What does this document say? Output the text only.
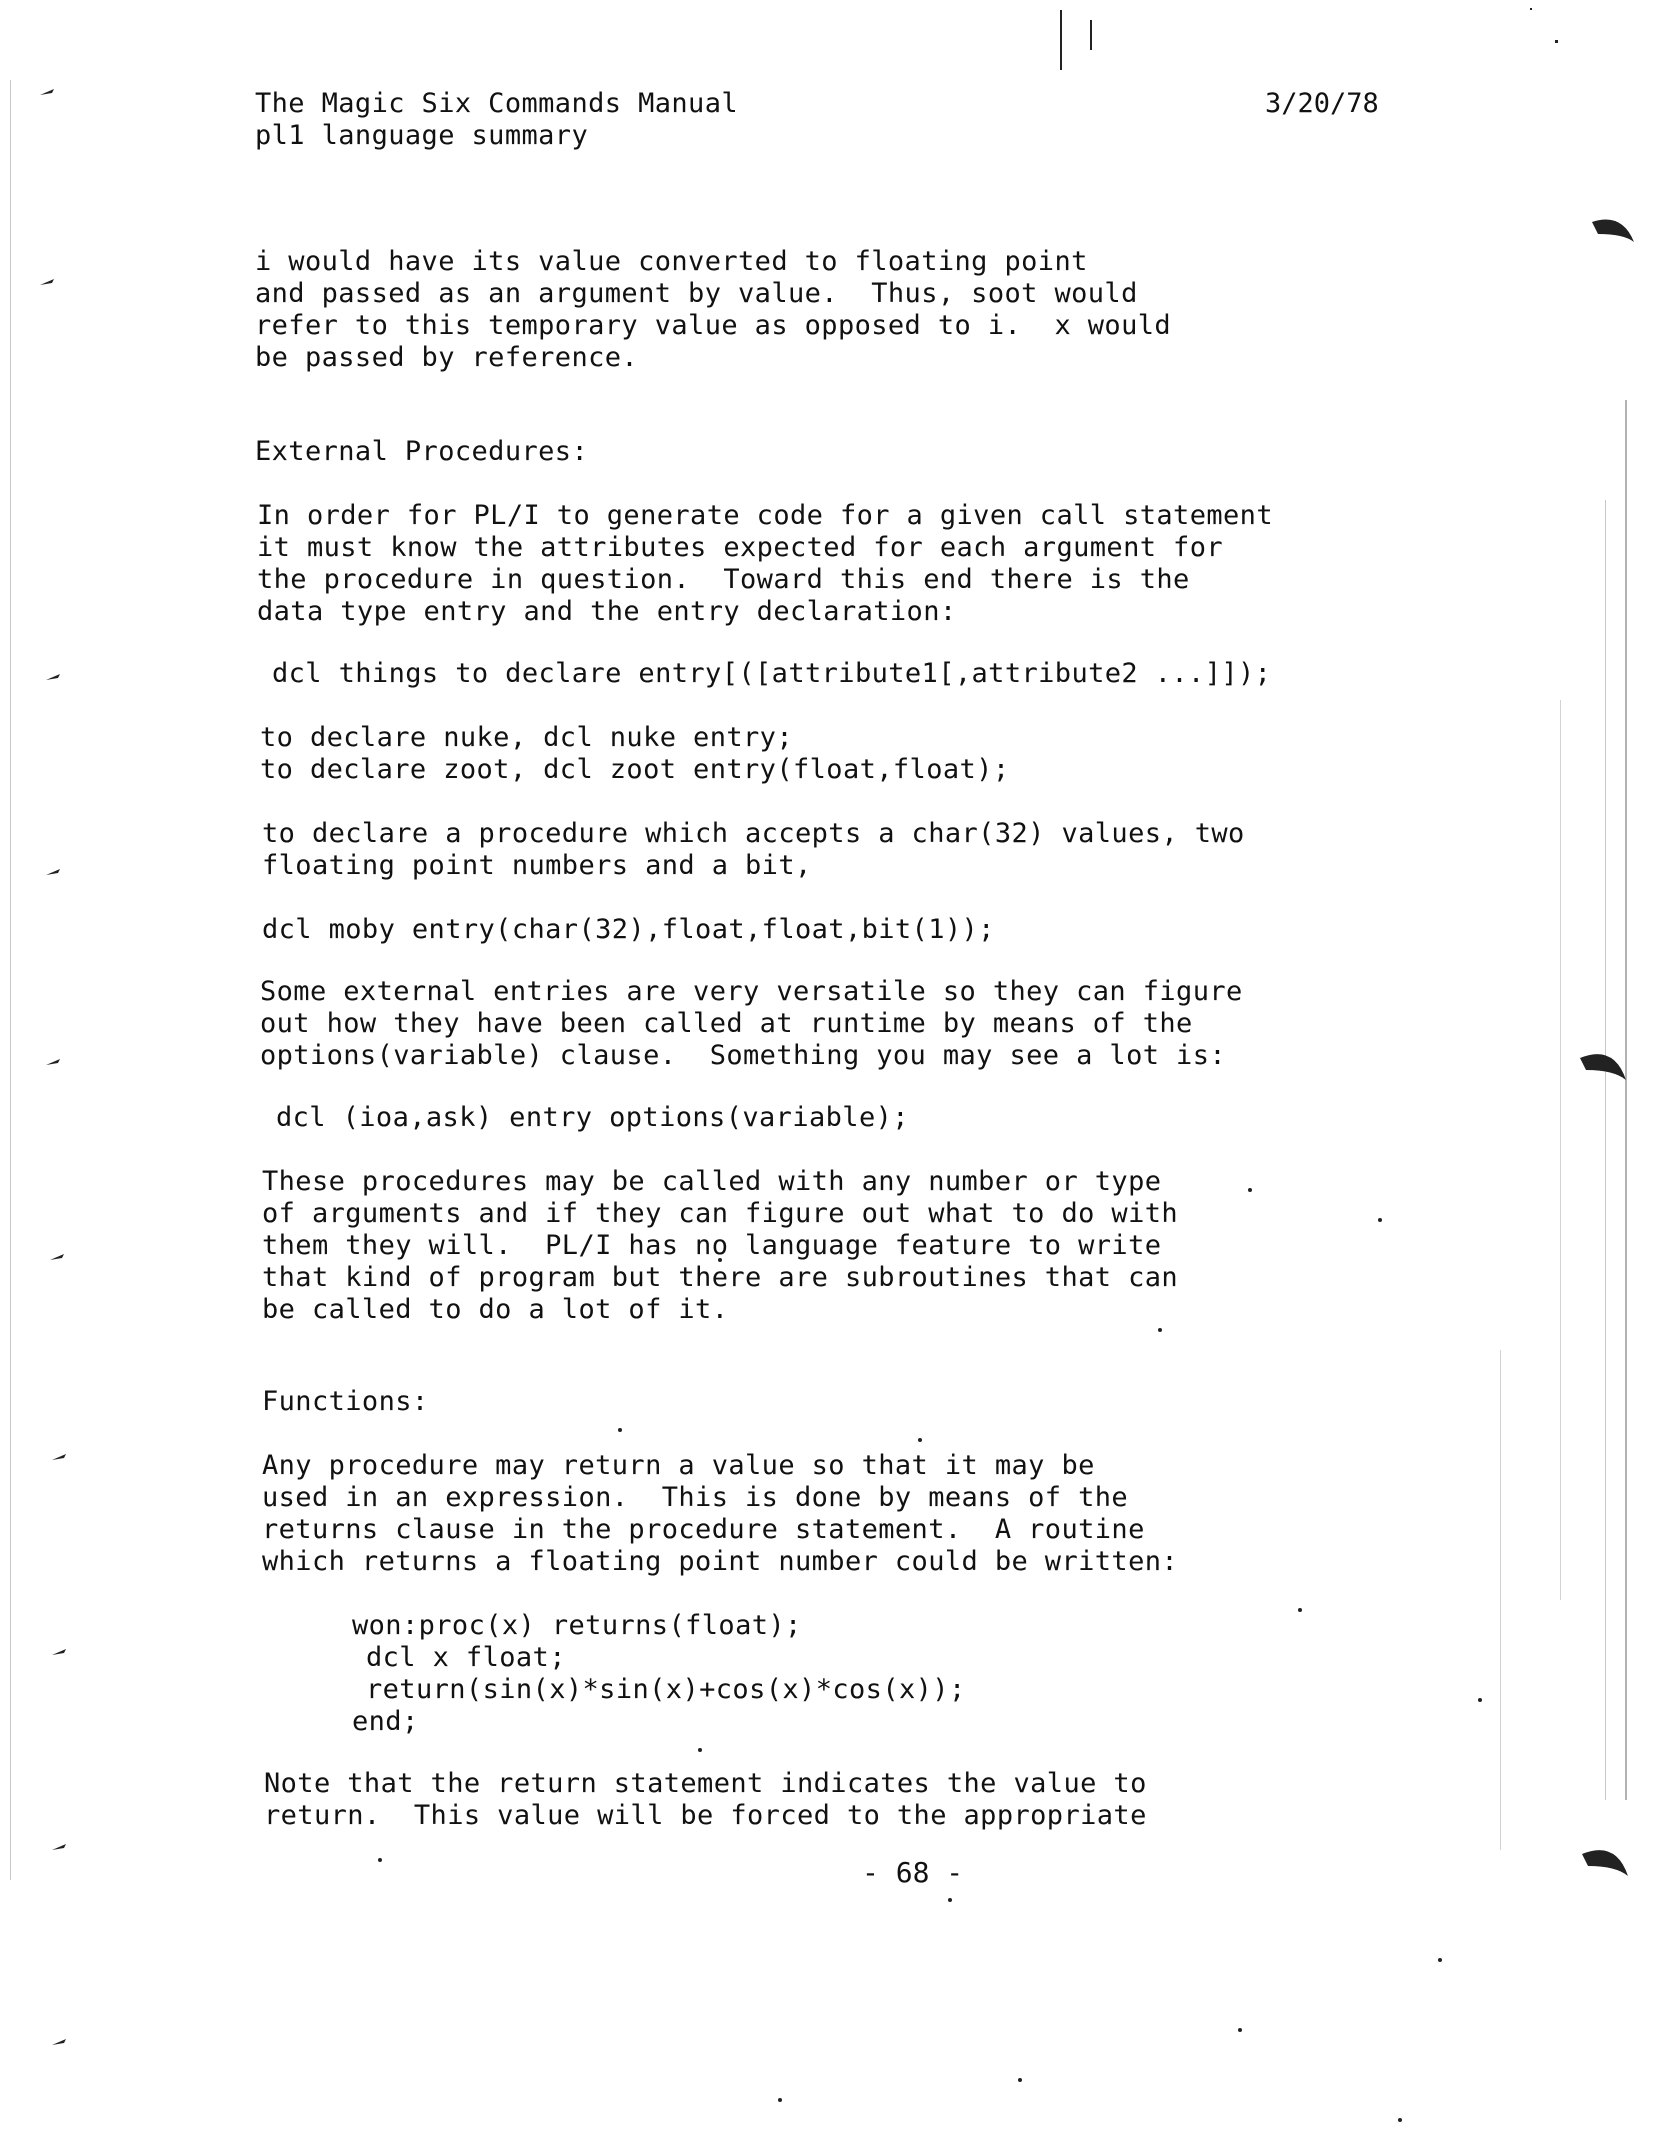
The Magic Six Commands Manual
pl1 language summary
3/20/78
i would have its value converted to floating point
and passed as an argument by value.  Thus, soot would
refer to this temporary value as opposed to i.  x would
be passed by reference.
External Procedures:
In order for PL/I to generate code for a given call statement
it must know the attributes expected for each argument for
the procedure in question.  Toward this end there is the
data type entry and the entry declaration:
dcl things to declare entry[([attribute1[,attribute2 ...]]);
to declare nuke, dcl nuke entry;
to declare zoot, dcl zoot entry(float,float);
to declare a procedure which accepts a char(32) values, two
floating point numbers and a bit,
dcl moby entry(char(32),float,float,bit(1));
Some external entries are very versatile so they can figure
out how they have been called at runtime by means of the
options(variable) clause.  Something you may see a lot is:
dcl (ioa,ask) entry options(variable);
These procedures may be called with any number or type
of arguments and if they can figure out what to do with
them they will.  PL/I has no language feature to write
that kind of program but there are subroutines that can
be called to do a lot of it.
Functions:
Any procedure may return a value so that it may be
used in an expression.  This is done by means of the
returns clause in the procedure statement.  A routine
which returns a floating point number could be written:
won:proc(x) returns(float);
dcl x float;
return(sin(x)*sin(x)+cos(x)*cos(x));
end;
Note that the return statement indicates the value to
return.  This value will be forced to the appropriate
- 68 -
